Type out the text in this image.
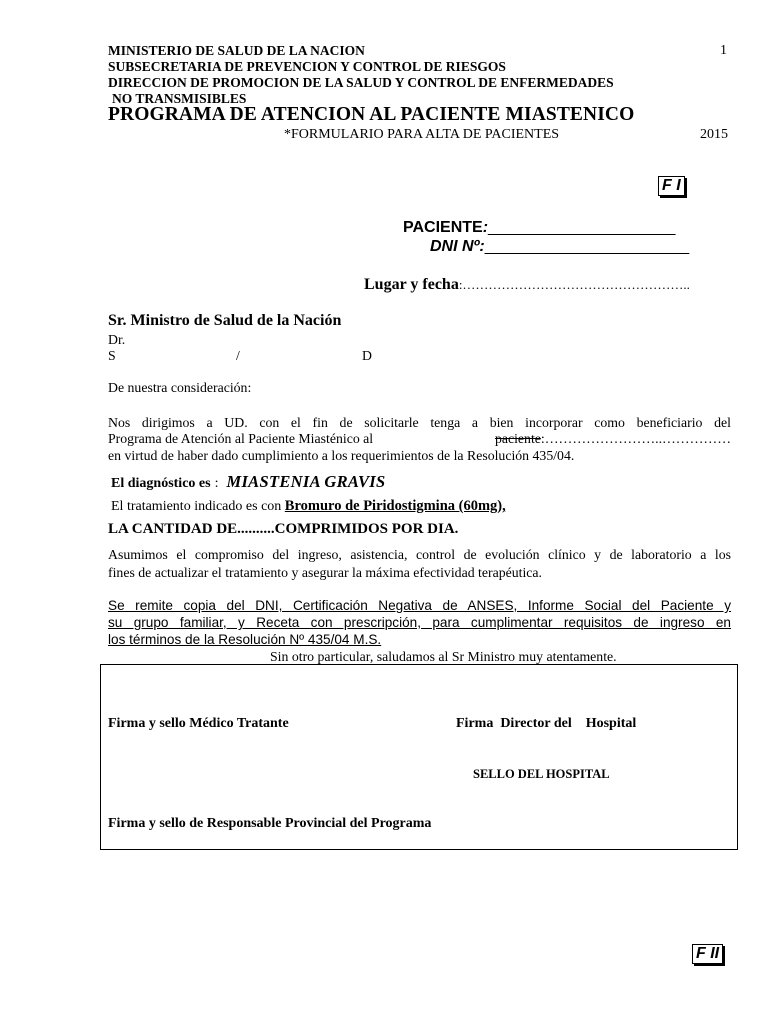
MINISTERIO DE SALUD DE LA NACION	1
SUBSECRETARIA DE PREVENCION Y CONTROL DE RIESGOS
DIRECCION DE PROMOCION DE LA SALUD Y CONTROL DE ENFERMEDADES
NO TRANSMISIBLES
PROGRAMA DE ATENCION AL PACIENTE MIASTENICO
*FORMULARIO PARA ALTA DE PACIENTES	2015
F I
PACIENTE:______________________
DNI Nº:________________________
Lugar y fecha:……………………………………………..
Sr. Ministro de Salud de la Nación
Dr.
S	/	D
De nuestra consideración:
Nos dirigimos a UD. con el fin de solicitarle tenga a bien incorporar como beneficiario del
Programa de Atención al Paciente Miasténico al	paciente:……………………..……………
en virtud de haber dado cumplimiento a los requerimientos de la Resolución 435/04.
El diagnóstico es : MIASTENIA GRAVIS
El tratamiento indicado es con Bromuro de Piridostigmina (60mg),
LA CANTIDAD DE..........COMPRIMIDOS POR DIA.
Asumimos el compromiso del ingreso, asistencia, control de evolución clínico y de laboratorio a los
fines de actualizar el tratamiento y asegurar la máxima efectividad terapéutica.
Se remite copia del DNI, Certificación Negativa de ANSES, Informe Social del Paciente y
su grupo familiar, y Receta con prescripción, para cumplimentar requisitos de ingreso en
los términos de la Resolución Nº 435/04 M.S.
Sin otro particular, saludamos al Sr Ministro muy atentamente.
Firma y sello Médico Tratante	Firma  Director del    Hospital
SELLO DEL HOSPITAL
Firma y sello de Responsable Provincial del Programa
F II
